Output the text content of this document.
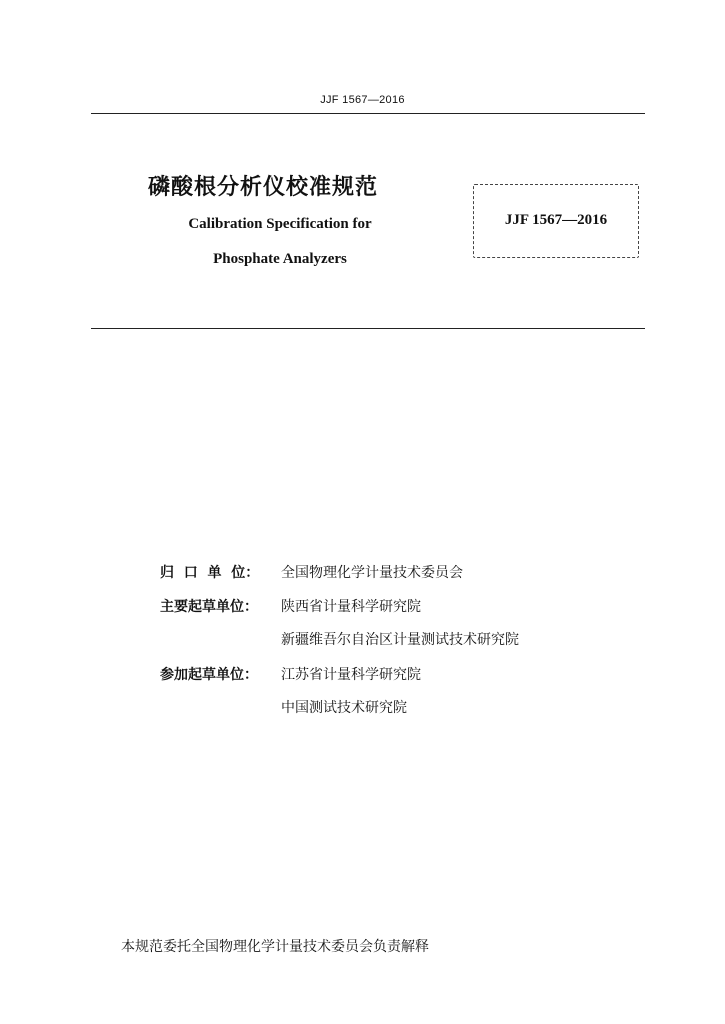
JJF 1567—2016
磷酸根分析仪校准规范
Calibration Specification for
Phosphate Analyzers
JJF 1567—2016
归  口  单  位： 全国物理化学计量技术委员会
主要起草单位： 陕西省计量科学研究院
新疆维吾尔自治区计量测试技术研究院
参加起草单位： 江苏省计量科学研究院
中国测试技术研究院
本规范委托全国物理化学计量技术委员会负责解释
